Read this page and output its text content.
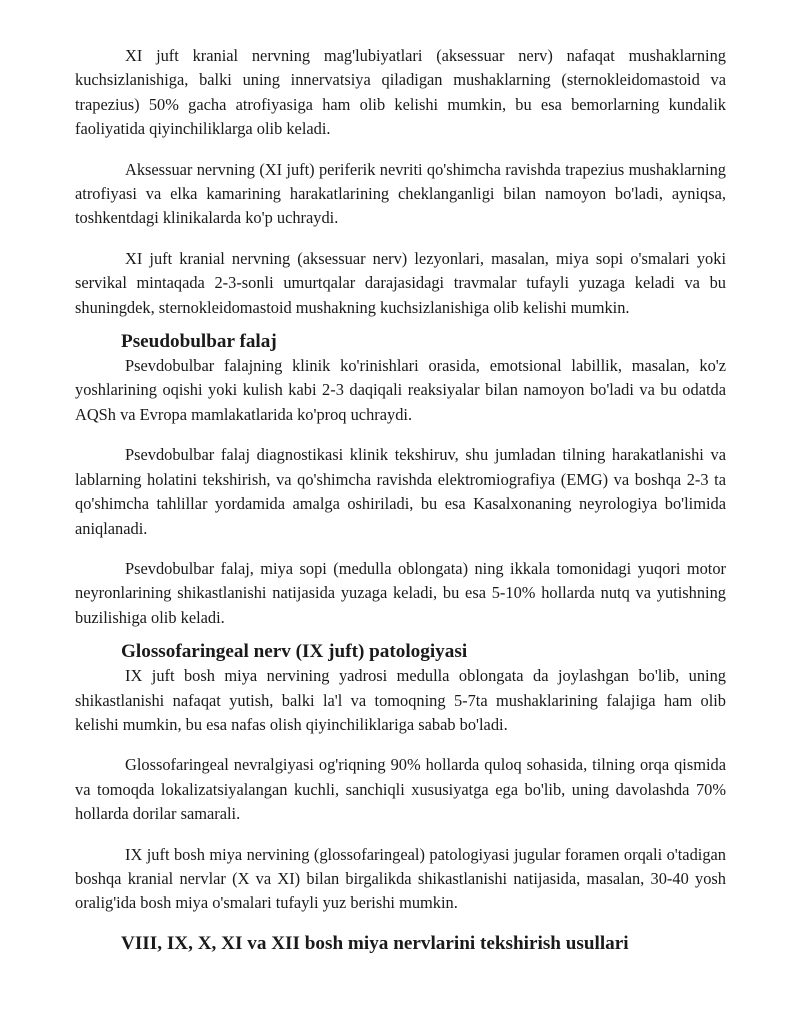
XI juft kranial nervning mag'lubiyatlari (aksessuar nerv) nafaqat mushaklarning kuchsizlanishiga, balki uning innervatsiya qiladigan mushaklarning (sternokleidomastoid va trapezius) 50% gacha atrofiyasiga ham olib kelishi mumkin, bu esa bemorlarning kundalik faoliyatida qiyinchiliklarga olib keladi.

Aksessuar nervning (XI juft) periferik nevriti qo'shimcha ravishda trapezius mushaklarning atrofiyasi va elka kamarining harakatlarining cheklanganligi bilan namoyon bo'ladi, ayniqsa, toshkentdagi klinikalarda ko'p uchraydi.

XI juft kranial nervning (aksessuar nerv) lezyonlari, masalan, miya sopi o'smalari yoki servikal mintaqada 2-3-sonli umurtqalar darajasidagi travmalar tufayli yuzaga keladi va bu shuningdek, sternokleidomastoid mushakning kuchsizlanishiga olib kelishi mumkin.

Pseudobulbar falaj

Psevdobulbar falajning klinik ko'rinishlari orasida, emotsional labillik, masalan, ko'z yoshlarining oqishi yoki kulish kabi 2-3 daqiqali reaksiyalar bilan namoyon bo'ladi va bu odatda AQSh va Evropa mamlakatlarida ko'proq uchraydi.

Psevdobulbar falaj diagnostikasi klinik tekshiruv, shu jumladan tilning harakatlanishi va lablarning holatini tekshirish, va qo'shimcha ravishda elektromiografiya (EMG) va boshqa 2-3 ta qo'shimcha tahlillar yordamida amalga oshiriladi, bu esa Kasalxonaning neyrologiya bo'limida aniqlanadi.

Psevdobulbar falaj, miya sopi (medulla oblongata) ning ikkala tomonidagi yuqori motor neyronlarining shikastlanishi natijasida yuzaga keladi, bu esa 5-10% hollarda nutq va yutishning buzilishiga olib keladi.

Glossofaringeal nerv (IX juft) patologiyasi

IX juft bosh miya nervining yadrosi medulla oblongata da joylashgan bo'lib, uning shikastlanishi nafaqat yutish, balki la'l va tomoqning 5-7ta mushaklarining falajiga ham olib kelishi mumkin, bu esa nafas olish qiyinchiliklariga sabab bo'ladi.

Glossofaringeal nevralgiyasi og'riqning 90% hollarda quloq sohasida, tilning orqa qismida va tomoqda lokalizatsiyalangan kuchli, sanchiqli xususiyatga ega bo'lib, uning davolashda 70% hollarda dorilar samarali.

IX juft bosh miya nervining (glossofaringeal) patologiyasi jugular foramen orqali o'tadigan boshqa kranial nervlar (X va XI) bilan birgalikda shikastlanishi natijasida, masalan, 30-40 yosh oralig'ida bosh miya o'smalari tufayli yuz berishi mumkin.

VIII, IX, X, XI va XII bosh miya nervlarini tekshirish usullari
